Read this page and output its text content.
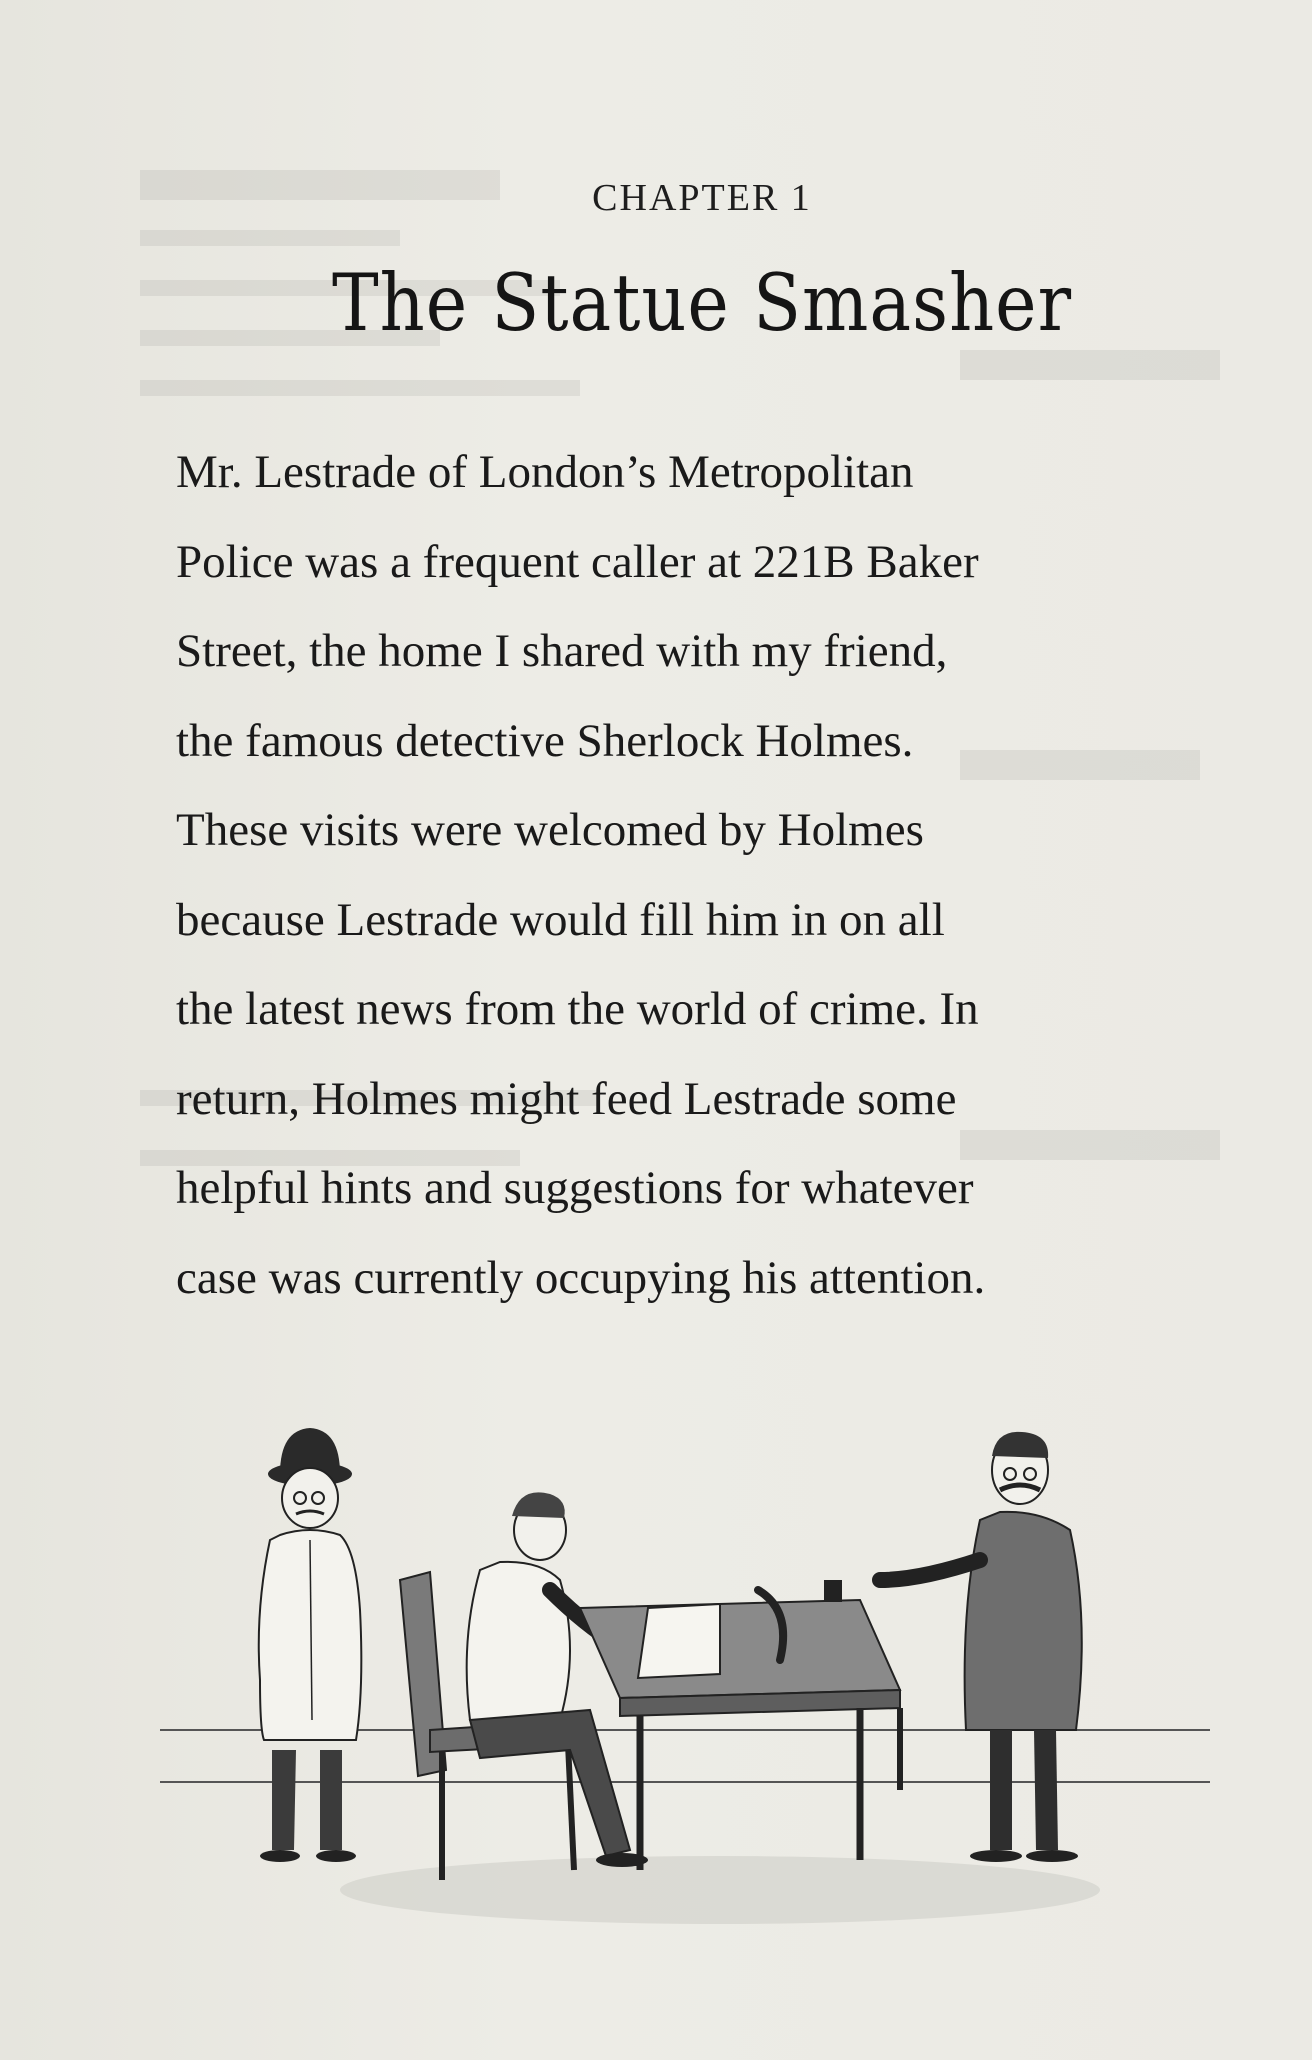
CHAPTER 1
The Statue Smasher
Mr. Lestrade of London’s Metropolitan
Police was a frequent caller at 221B Baker
Street, the home I shared with my friend,
the famous detective Sherlock Holmes.
These visits were welcomed by Holmes
because Lestrade would fill him in on all
the latest news from the world of crime. In
return, Holmes might feed Lestrade some
helpful hints and suggestions for whatever
case was currently occupying his attention.
